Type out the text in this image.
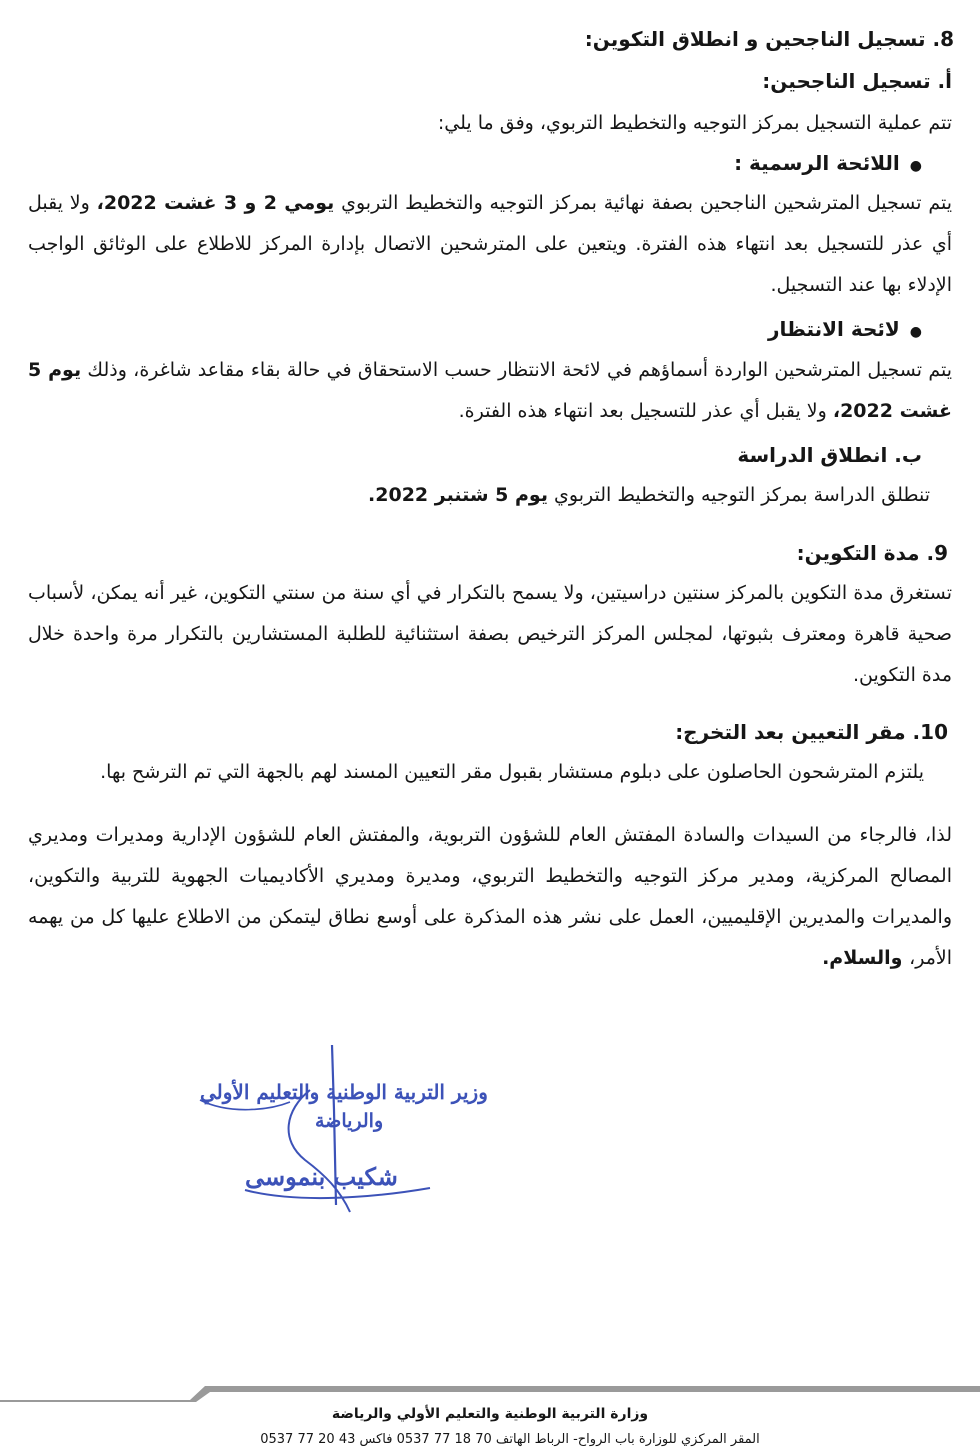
8. تسجيل الناجحين و انطلاق التكوين:
أ. تسجيل الناجحين:
تتم عملية التسجيل بمركز التوجيه والتخطيط التربوي، وفق ما يلي:
●اللائحة الرسمية :
يتم تسجيل المترشحين الناجحين بصفة نهائية بمركز التوجيه والتخطيط التربوي يومي 2 و 3 غشت 2022، ولا يقبل أي عذر للتسجيل بعد انتهاء هذه الفترة. ويتعين على المترشحين الاتصال بإدارة المركز للاطلاع على الوثائق الواجب الإدلاء بها عند التسجيل.
●لائحة الانتظار
يتم تسجيل المترشحين الواردة أسماؤهم في لائحة الانتظار حسب الاستحقاق في حالة بقاء مقاعد شاغرة، وذلك يوم 5 غشت 2022، ولا يقبل أي عذر للتسجيل بعد انتهاء هذه الفترة.
ب. انطلاق الدراسة
تنطلق الدراسة بمركز التوجيه والتخطيط التربوي يوم 5 شتنبر 2022.
9. مدة التكوين:
تستغرق مدة التكوين بالمركز سنتين دراسيتين، ولا يسمح بالتكرار في أي سنة من سنتي التكوين، غير أنه يمكن، لأسباب صحية قاهرة ومعترف بثبوتها، لمجلس المركز الترخيص بصفة استثنائية للطلبة المستشارين بالتكرار مرة واحدة خلال مدة التكوين.
10. مقر التعيين بعد التخرج:
يلتزم المترشحون الحاصلون على دبلوم مستشار بقبول مقر التعيين المسند لهم بالجهة التي تم الترشح بها.
لذا، فالرجاء من السيدات والسادة المفتش العام للشؤون التربوية، والمفتش العام للشؤون الإدارية ومديرات ومديري المصالح المركزية، ومدير مركز التوجيه والتخطيط التربوي، ومديرة ومديري الأكاديميات الجهوية للتربية والتكوين، والمديرات والمديرين الإقليميين، العمل على نشر هذه المذكرة على أوسع نطاق ليتمكن من الاطلاع عليها كل من يهمه الأمر، والسلام.
وزير التربية الوطنية والتعليم الأولي
والرياضة
شكيب بنموسى
وزارة التربية الوطنية والتعليم الأولي والرياضة
المقر المركزي للوزارة باب الرواح- الرباط الهاتف 70 18 77 0537 فاكس 43 20 77 0537
